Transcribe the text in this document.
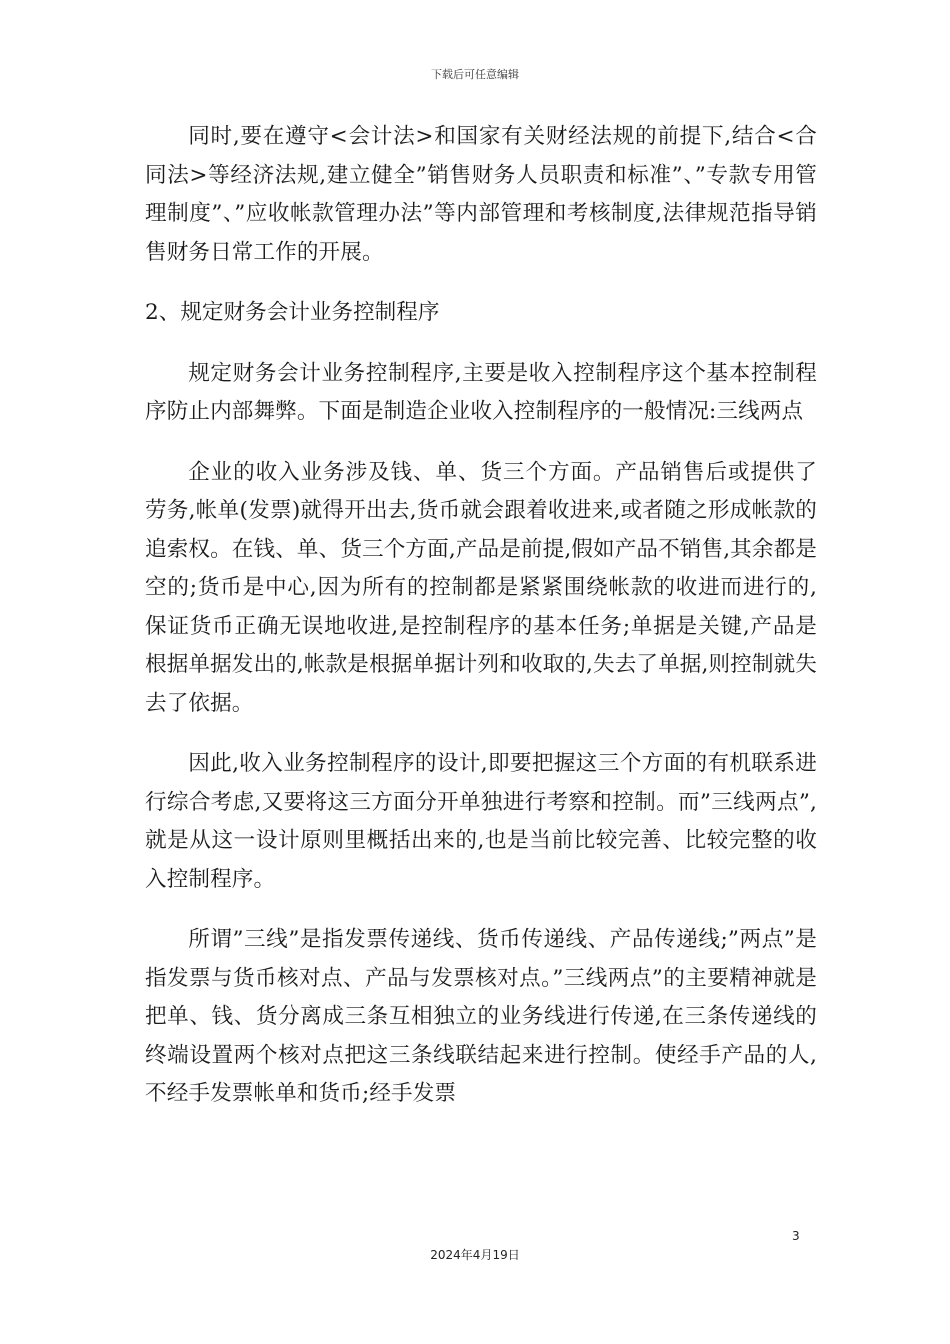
下载后可任意编辑

同时,要在遵守<会计法>和国家有关财经法规的前提下,结合<合同法>等经济法规,建立健全”销售财务人员职责和标准”、”专款专用管理制度”、”应收帐款管理办法”等内部管理和考核制度,法律规范指导销售财务日常工作的开展。

2、规定财务会计业务控制程序

规定财务会计业务控制程序,主要是收入控制程序这个基本控制程序防止内部舞弊。下面是制造企业收入控制程序的一般情况:三线两点

企业的收入业务涉及钱、单、货三个方面。产品销售后或提供了劳务,帐单(发票)就得开出去,货币就会跟着收进来,或者随之形成帐款的追索权。在钱、单、货三个方面,产品是前提,假如产品不销售,其余都是空的;货币是中心,因为所有的控制都是紧紧围绕帐款的收进而进行的,保证货币正确无误地收进,是控制程序的基本任务;单据是关键,产品是根据单据发出的,帐款是根据单据计列和收取的,失去了单据,则控制就失去了依据。

因此,收入业务控制程序的设计,即要把握这三个方面的有机联系进行综合考虑,又要将这三方面分开单独进行考察和控制。而”三线两点”,就是从这一设计原则里概括出来的,也是当前比较完善、比较完整的收入控制程序。

所谓”三线”是指发票传递线、货币传递线、产品传递线;”两点”是指发票与货币核对点、产品与发票核对点。”三线两点”的主要精神就是把单、钱、货分离成三条互相独立的业务线进行传递,在三条传递线的终端设置两个核对点把这三条线联结起来进行控制。使经手产品的人,不经手发票帐单和货币;经手发票

3
2024年4月19日
